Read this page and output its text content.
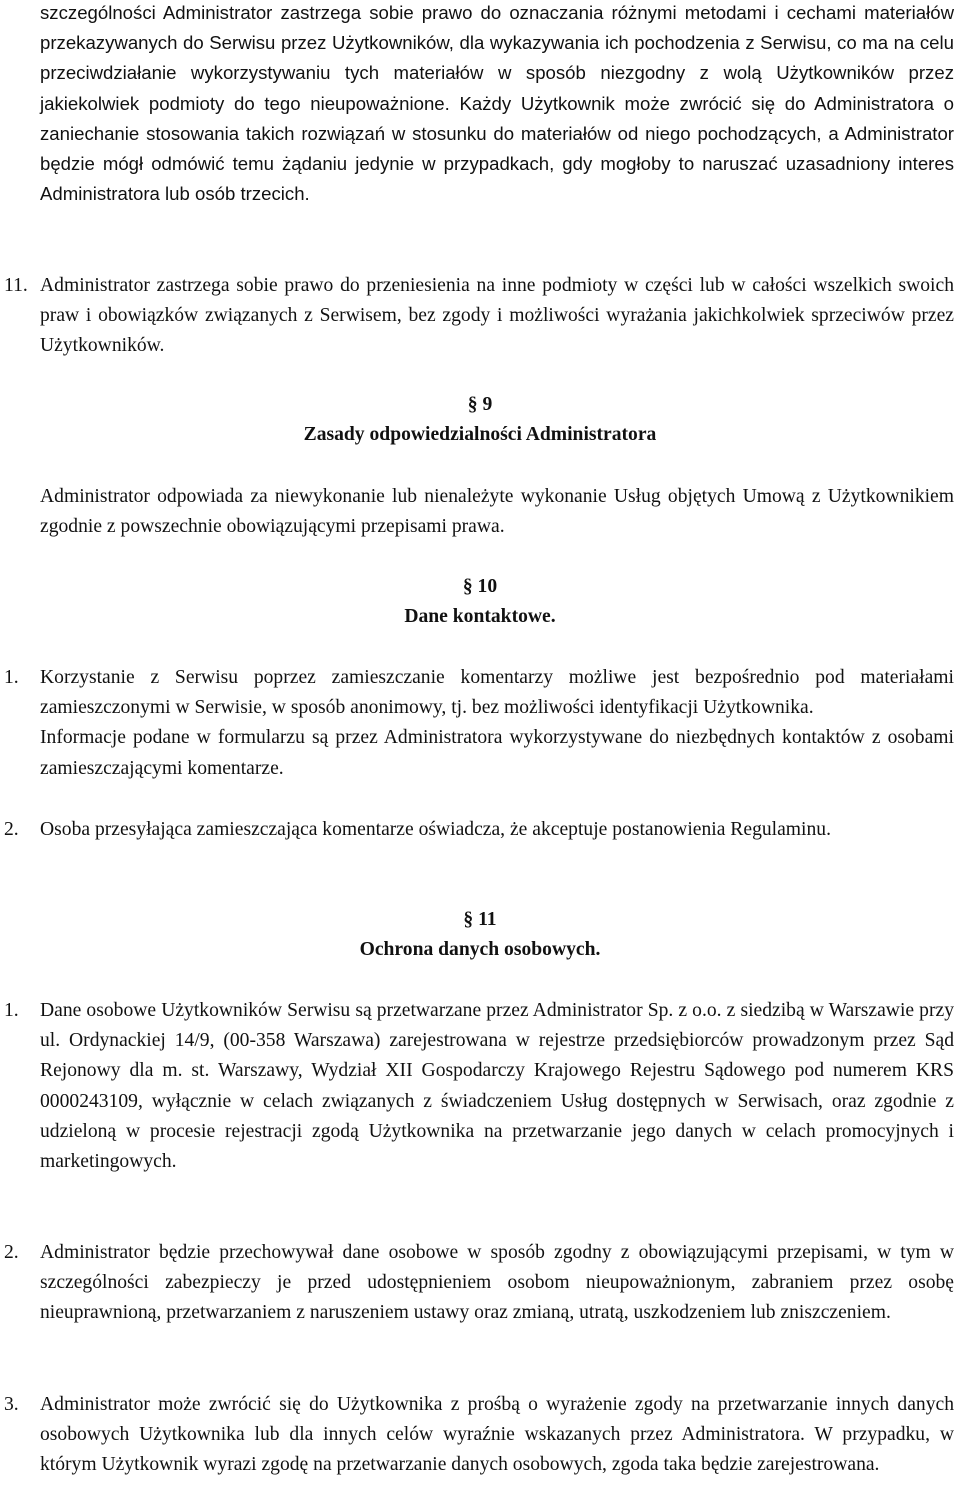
szczególności Administrator zastrzega sobie prawo do oznaczania różnymi metodami i cechami materiałów przekazywanych do Serwisu przez Użytkowników, dla wykazywania ich pochodzenia z Serwisu, co ma na celu przeciwdziałanie wykorzystywaniu tych materiałów w sposób niezgodny z wolą Użytkowników przez jakiekolwiek podmioty do tego nieupoważnione. Każdy Użytkownik może zwrócić się do Administratora o zaniechanie stosowania takich rozwiązań w stosunku do materiałów od niego pochodzących, a Administrator będzie mógł odmówić temu żądaniu jedynie w przypadkach, gdy mogłoby to naruszać uzasadniony interes Administratora lub osób trzecich.

11. Administrator zastrzega sobie prawo do przeniesienia na inne podmioty w części lub w całości wszelkich swoich praw i obowiązków związanych z Serwisem, bez zgody i możliwości wyrażania jakichkolwiek sprzeciwów przez Użytkowników.

§ 9
Zasady odpowiedzialności Administratora

Administrator odpowiada za niewykonanie lub nienależyte wykonanie Usług objętych Umową z Użytkownikiem zgodnie z powszechnie obowiązującymi przepisami prawa.

§ 10
Dane kontaktowe.
1. Korzystanie z Serwisu poprzez zamieszczanie komentarzy możliwe jest bezpośrednio pod materiałami zamieszczonymi w Serwisie, w sposób anonimowy, tj. bez możliwości identyfikacji Użytkownika.

Informacje podane w formularzu są przez Administratora wykorzystywane do niezbędnych kontaktów z osobami zamieszczającymi komentarze.

2. Osoba przesyłająca zamieszczająca komentarze oświadcza, że akceptuje postanowienia Regulaminu.

§ 11
Ochrona danych osobowych.
1. Dane osobowe Użytkowników Serwisu są przetwarzane przez Administrator Sp. z o.o. z siedzibą w Warszawie przy ul. Ordynackiej 14/9, (00-358 Warszawa) zarejestrowana w rejestrze przedsiębiorców prowadzonym przez Sąd Rejonowy dla m. st. Warszawy, Wydział XII Gospodarczy Krajowego Rejestru Sądowego pod numerem KRS 0000243109, wyłącznie w celach związanych z świadczeniem Usług dostępnych w Serwisach, oraz zgodnie z udzieloną w procesie rejestracji zgodą Użytkownika na przetwarzanie jego danych w celach promocyjnych i marketingowych.

2. Administrator będzie przechowywał dane osobowe w sposób zgodny z obowiązującymi przepisami, w tym w szczególności zabezpieczy je przed udostępnieniem osobom nieupoważnionym, zabraniem przez osobę nieuprawnioną, przetwarzaniem z naruszeniem ustawy oraz zmianą, utratą, uszkodzeniem lub zniszczeniem.

3. Administrator może zwrócić się do Użytkownika z prośbą o wyrażenie zgody na przetwarzanie innych danych osobowych Użytkownika lub dla innych celów wyraźnie wskazanych przez Administratora. W przypadku, w którym Użytkownik wyrazi zgodę na przetwarzanie danych osobowych, zgoda taka będzie zarejestrowana.
